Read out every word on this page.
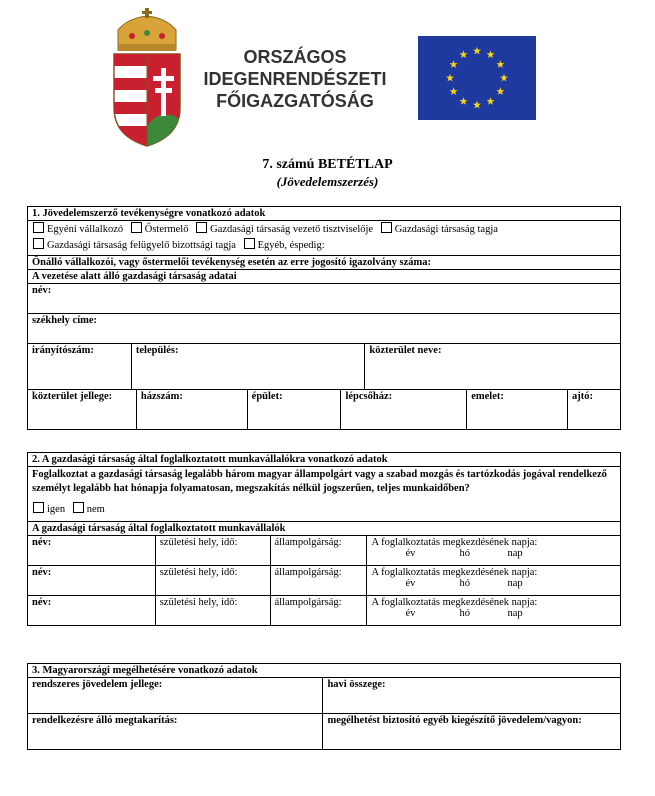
ORSZÁGOS
IDEGENRENDÉSZETI
FŐIGAZGATÓSÁG
7. számú BETÉTLAP
(Jövedelemszerzés)
1. Jövedelemszerző tevékenységre vonatkozó adatok							
Egyéni vállalkozó Őstermelő Gazdasági társaság vezető tisztviselője Gazdasági társaság tagja
Gazdasági társaság felügyelő bizottsági tagja Egyéb, éspedig:							
Önálló vállalkozói, vagy őstermelői tevékenység esetén az erre jogosító igazolvány száma:							
A vezetése alatt álló gazdasági társaság adatai							
név:							
székhely címe:							
irányítószám:	település:				közterület neve:		
közterület jellege:		házszám:	épület:	lépcsőház:		emelet:	ajtó:
2. A gazdasági társaság által foglalkoztatott munkavállalókra vonatkozó adatok			

Foglalkoztat a gazdasági társaság legalább három magyar állampolgárt vagy a szabad mozgás és tartózkodás jogával rendelkező személyt legalább hat hónapja folyamatosan, megszakítás nélkül jogszerűen, teljes munkaidőben?
igen nem			

A gazdasági társaság által foglalkoztatott munkavállalók			
név:	születési hely, idő:	állampolgárság:	A foglalkoztatás megkezdésének napja:
év hó nap

név:	születési hely, idő:	állampolgárság:	A foglalkoztatás megkezdésének napja:
év hó nap

név:	születési hely, idő:	állampolgárság:	A foglalkoztatás megkezdésének napja:
év hó nap
3. Magyarországi megélhetésére vonatkozó adatok	
rendszeres jövedelem jellege:	havi összege:
rendelkezésre álló megtakarítás:	megélhetést biztosító egyéb kiegészítő jövedelem/vagyon:
